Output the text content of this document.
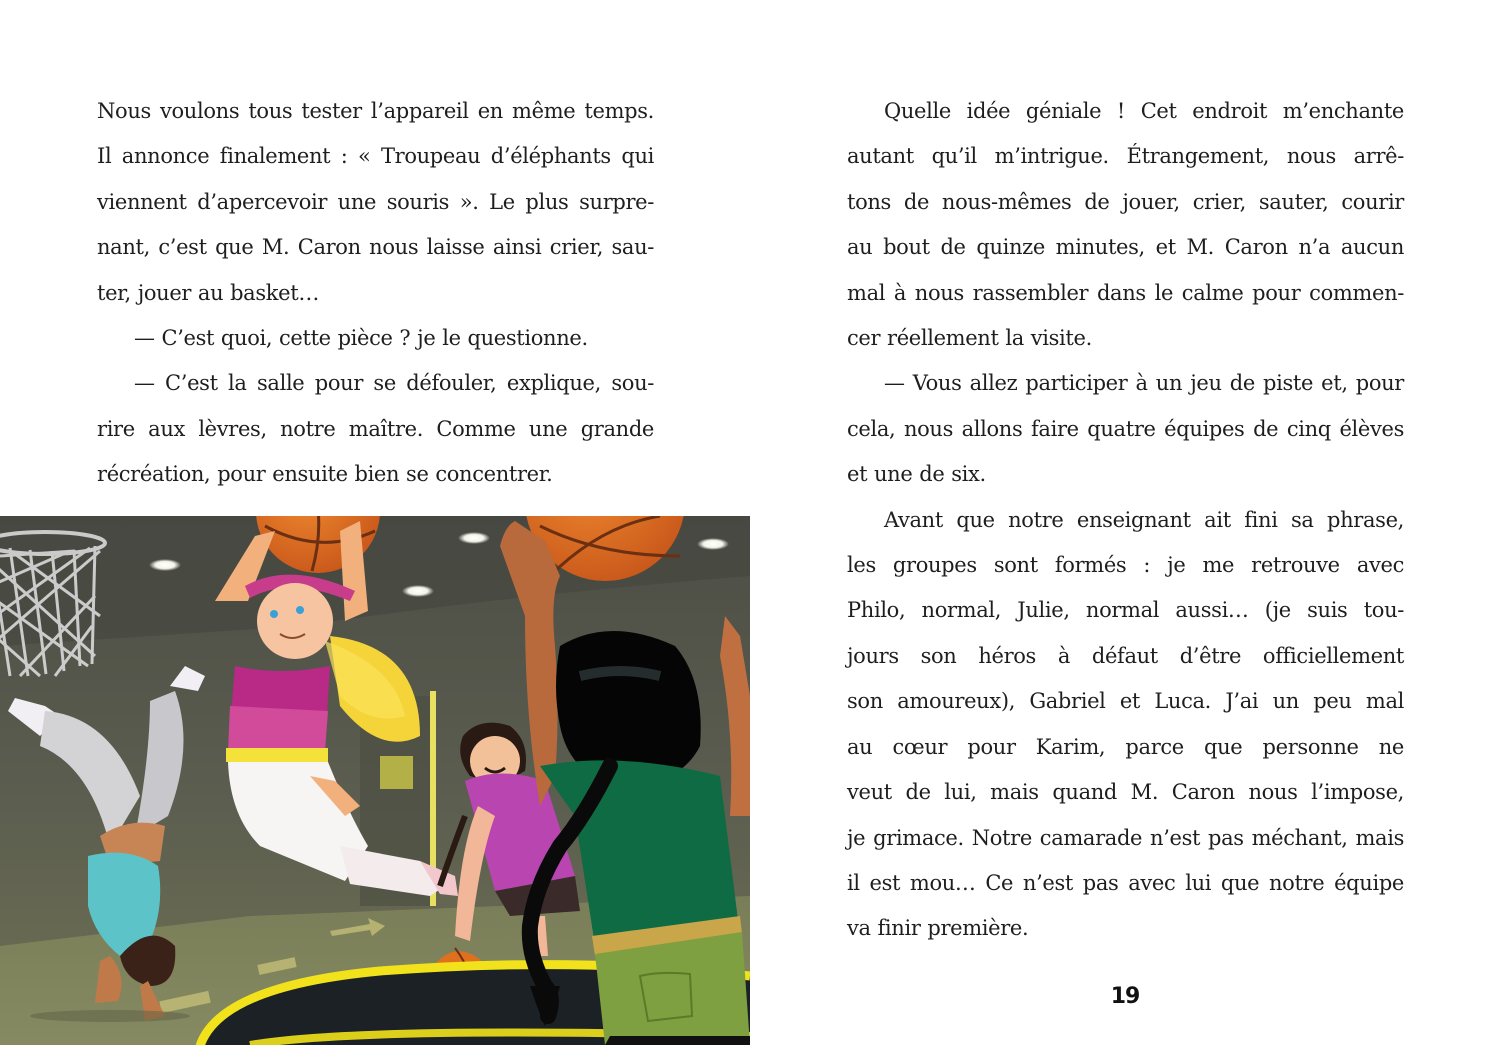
Nous voulons tous tester l’appareil en même temps.
Il annonce finalement : « Troupeau d’éléphants qui
viennent d’apercevoir une souris ». Le plus surpre-
nant, c’est que M. Caron nous laisse ainsi crier, sau-
ter, jouer au basket…

— C’est quoi, cette pièce ? je le questionne.

— C’est la salle pour se défouler, explique, sou-
rire aux lèvres, notre maître. Comme une grande
récréation, pour ensuite bien se concentrer.

Quelle idée géniale ! Cet endroit m’enchante
autant qu’il m’intrigue. Étrangement, nous arrê-
tons de nous-mêmes de jouer, crier, sauter, courir
au bout de quinze minutes, et M. Caron n’a aucun
mal à nous rassembler dans le calme pour commen-
cer réellement la visite.

— Vous allez participer à un jeu de piste et, pour
cela, nous allons faire quatre équipes de cinq élèves
et une de six.

Avant que notre enseignant ait fini sa phrase,
les groupes sont formés : je me retrouve avec
Philo, normal, Julie, normal aussi… (je suis tou-
jours son héros à défaut d’être officiellement
son amoureux), Gabriel et Luca. J’ai un peu mal
au cœur pour Karim, parce que personne ne
veut de lui, mais quand M. Caron nous l’impose,
je grimace. Notre camarade n’est pas méchant, mais
il est mou… Ce n’est pas avec lui que notre équipe
va finir première.

19
